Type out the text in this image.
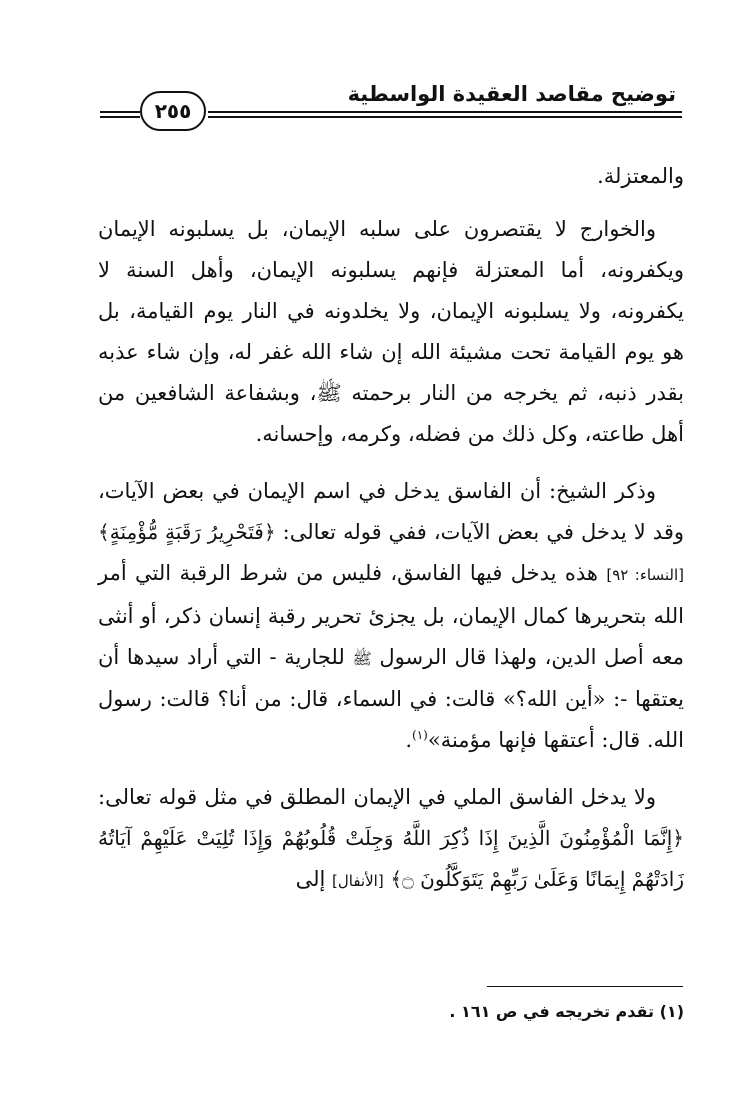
٢٥٥
توضيح مقاصد العقيدة الواسطية

والمعتزلة.

والخوارج لا يقتصرون على سلبه الإيمان، بل يسلبونه الإيمان ويكفرونه، أما المعتزلة فإنهم يسلبونه الإيمان، وأهل السنة لا يكفرونه، ولا يسلبونه الإيمان، ولا يخلدونه في النار يوم القيامة، بل هو يوم القيامة تحت مشيئة الله إن شاء الله غفر له، وإن شاء عذبه بقدر ذنبه، ثم يخرجه من النار برحمته ﷺ، وبشفاعة الشافعين من أهل طاعته، وكل ذلك من فضله، وكرمه، وإحسانه.

وذكر الشيخ: أن الفاسق يدخل في اسم الإيمان في بعض الآيات، وقد لا يدخل في بعض الآيات، ففي قوله تعالى: ﴿فَتَحْرِيرُ رَقَبَةٍ مُّؤْمِنَةٍ﴾ [النساء: ٩٢] هذه يدخل فيها الفاسق، فليس من شرط الرقبة التي أمر الله بتحريرها كمال الإيمان، بل يجزئ تحرير رقبة إنسان ذكر، أو أنثى معه أصل الدين، ولهذا قال الرسول ﷺ للجارية - التي أراد سيدها أن يعتقها -: «أين الله؟» قالت: في السماء، قال: من أنا؟ قالت: رسول الله. قال: أعتقها فإنها مؤمنة»$^{(١)}$.

ولا يدخل الفاسق الملي في الإيمان المطلق في مثل قوله تعالى: ﴿إِنَّمَا الْمُؤْمِنُونَ الَّذِينَ إِذَا ذُكِرَ اللَّهُ وَجِلَتْ قُلُوبُهُمْ وَإِذَا تُلِيَتْ عَلَيْهِمْ آيَاتُهُ زَادَتْهُمْ إِيمَانًا وَعَلَىٰ رَبِّهِمْ يَتَوَكَّلُونَ ۝﴾ [الأنفال] إلى

(١) تقدم تخريجه في ص ١٦١ .
